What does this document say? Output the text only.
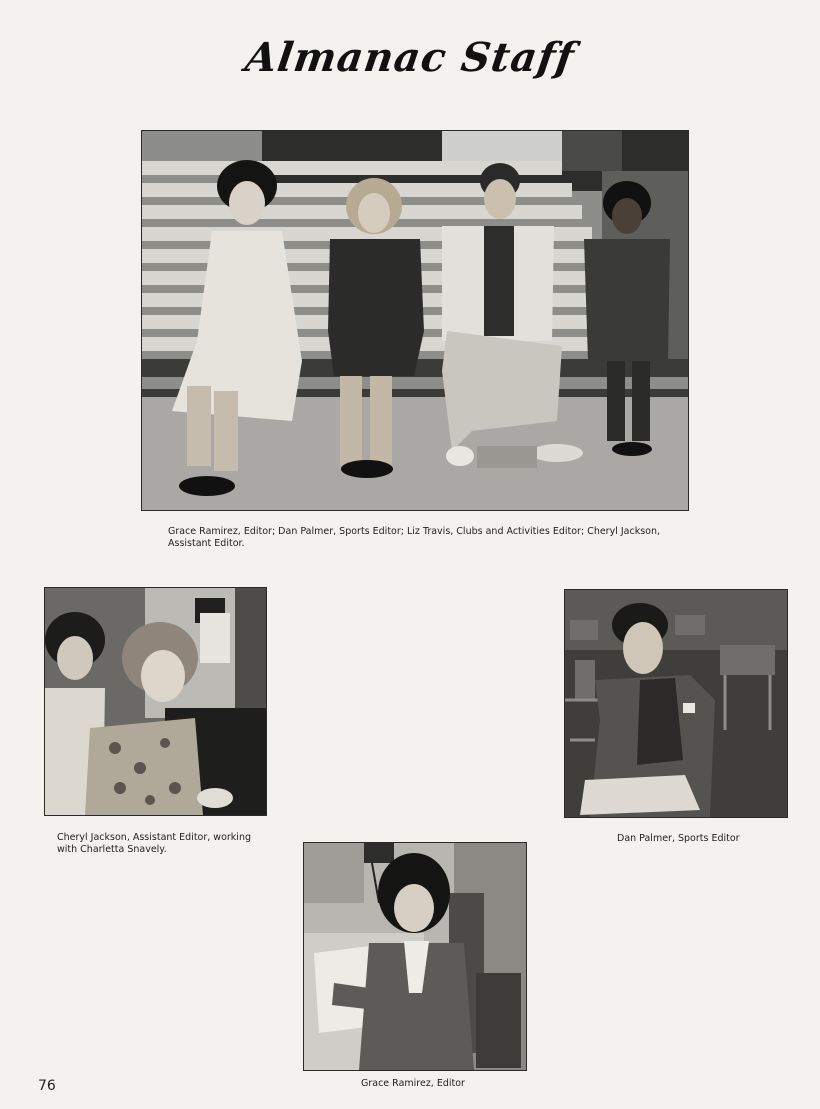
Almanac Staff
Grace Ramirez, Editor; Dan Palmer, Sports Editor; Liz Travis, Clubs and Activities Editor; Cheryl Jackson, Assistant Editor.
Cheryl Jackson, Assistant Editor, working with Charletta Snavely.
Dan Palmer, Sports Editor
Grace Ramirez, Editor
76
